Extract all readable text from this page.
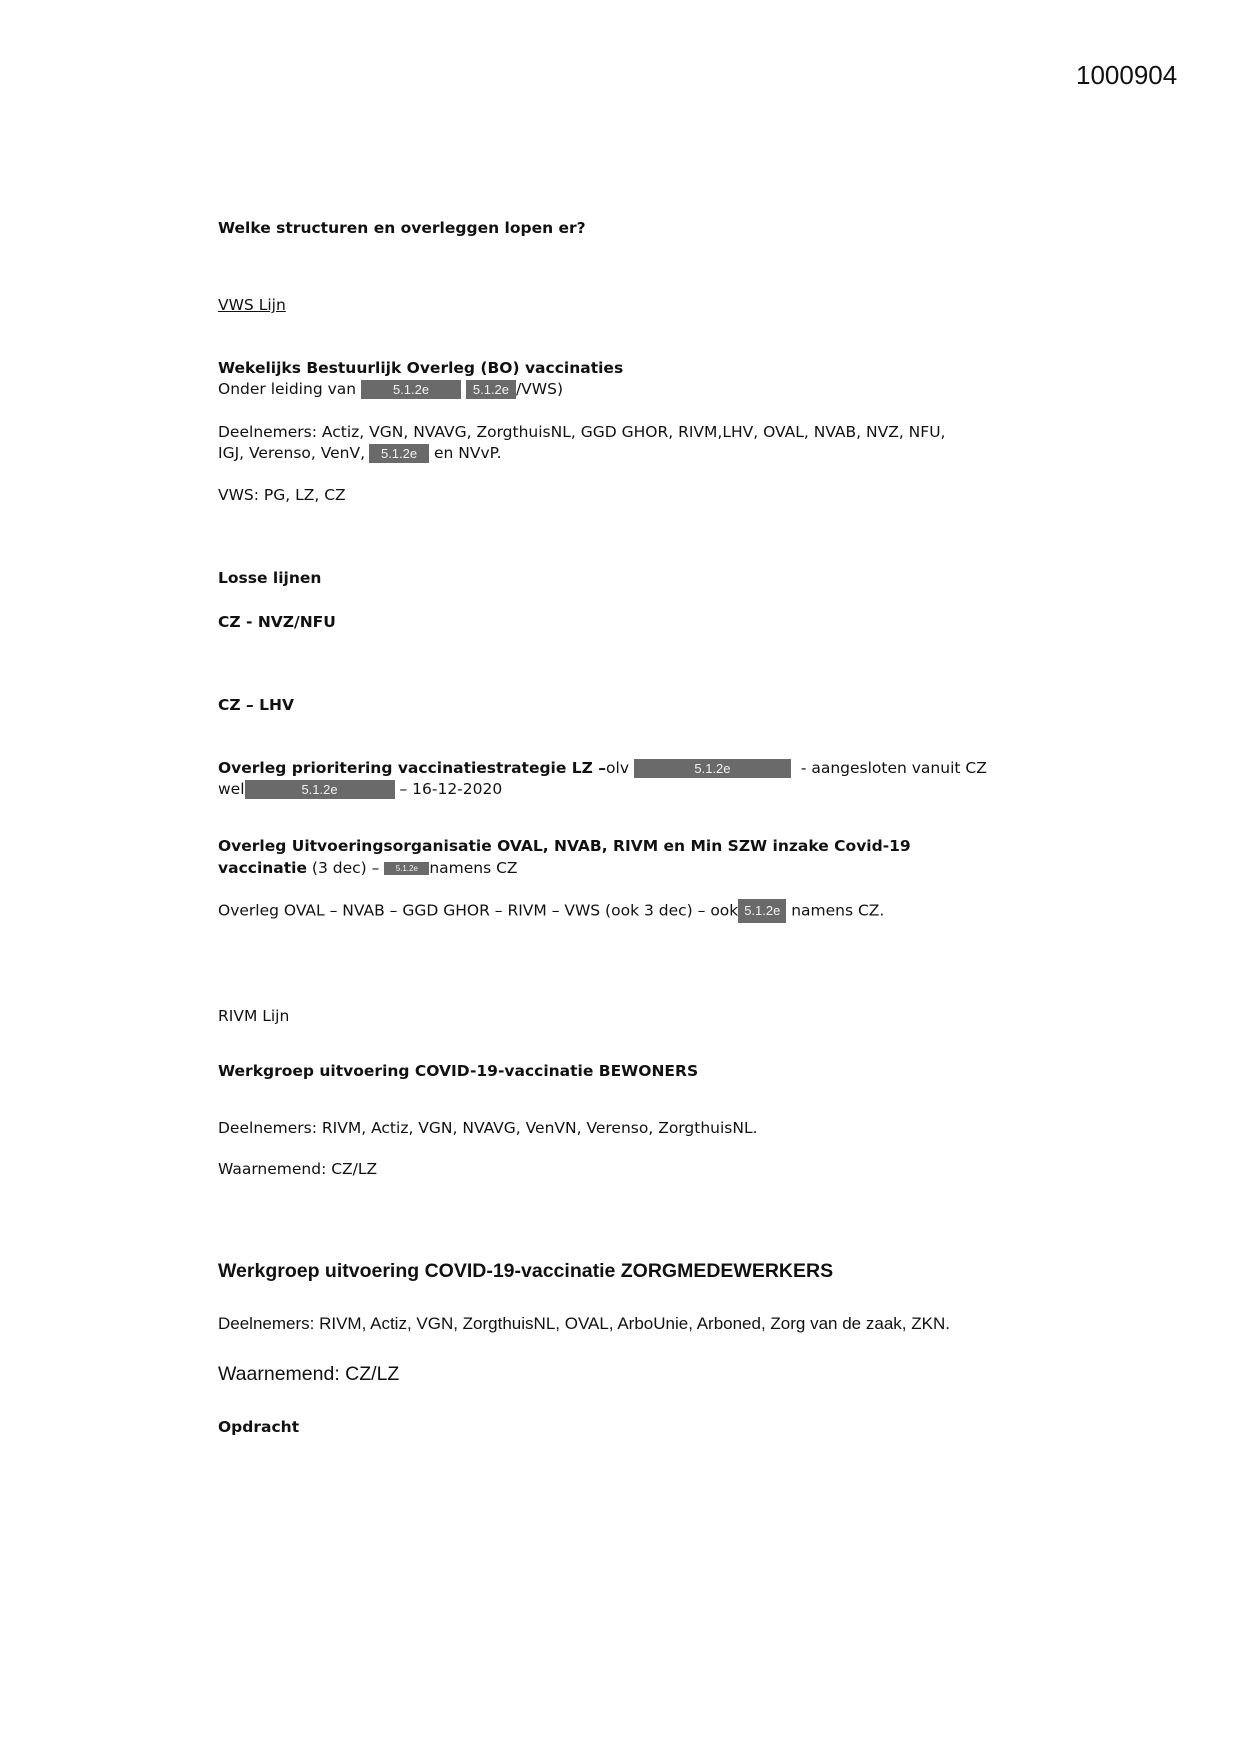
1000904
Welke structuren en overleggen lopen er?
VWS Lijn
Wekelijks Bestuurlijk Overleg (BO) vaccinaties
Onder leiding van	5.1.2e	5.1.2e /VWS)
Deelnemers: Actiz, VGN, NVAVG, ZorgthuisNL, GGD GHOR, RIVM,LHV, OVAL, NVAB, NVZ, NFU,
IGJ, Verenso, VenV, 5.1.2e en NVvP.
VWS: PG, LZ, CZ
Losse lijnen
CZ - NVZ/NFU
CZ – LHV
Overleg prioritering vaccinatiestrategie LZ –olv	5.1.2e	- aangesloten vanuit CZ
wel	5.1.2e	– 16-12-2020
Overleg Uitvoeringsorganisatie OVAL, NVAB, RIVM en Min SZW inzake Covid-19
vaccinatie (3 dec) – 5.1.2e namens CZ
Overleg OVAL – NVAB – GGD GHOR – RIVM – VWS (ook 3 dec) – ook 5.1.2e namens CZ.
RIVM Lijn
Werkgroep uitvoering COVID-19-vaccinatie BEWONERS
Deelnemers: RIVM, Actiz, VGN, NVAVG, VenVN, Verenso, ZorgthuisNL.
Waarnemend: CZ/LZ
Werkgroep uitvoering COVID-19-vaccinatie ZORGMEDEWERKERS
Deelnemers: RIVM, Actiz, VGN, ZorgthuisNL, OVAL, ArboUnie, Arboned, Zorg van de zaak, ZKN.
Waarnemend: CZ/LZ
Opdracht
